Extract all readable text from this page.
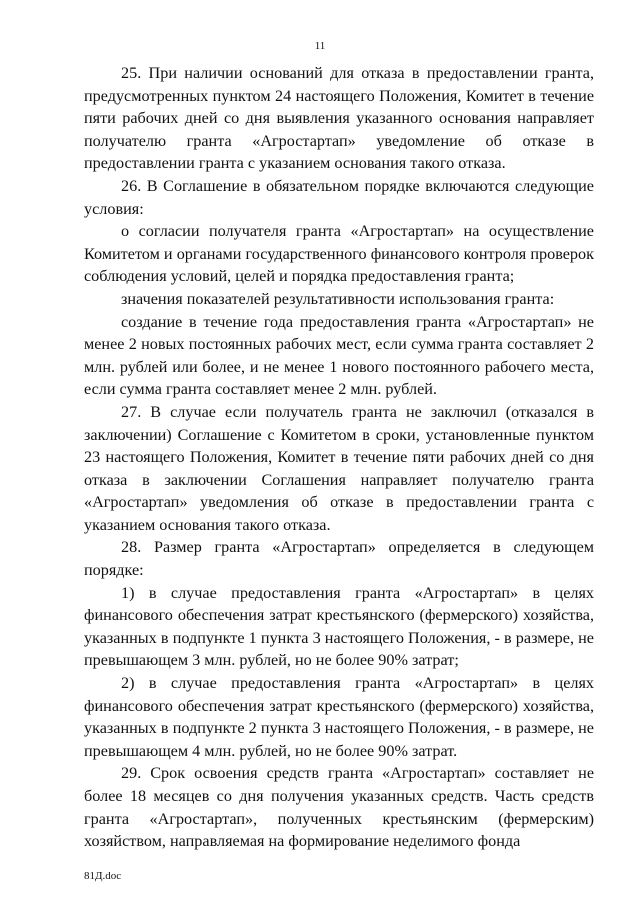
11

25. При наличии оснований для отказа в предоставлении гранта, предусмотренных пунктом 24 настоящего Положения, Комитет в течение пяти рабочих дней со дня выявления указанного основания направляет получателю гранта «Агростартап» уведомление об отказе в предоставлении гранта с указанием основания такого отказа.

26. В Соглашение в обязательном порядке включаются следующие условия:

о согласии получателя гранта «Агростартап» на осуществление Комитетом и органами государственного финансового контроля проверок соблюдения условий, целей и порядка предоставления гранта;

значения показателей результативности использования гранта:

создание в течение года предоставления гранта «Агростартап» не менее 2 новых постоянных рабочих мест, если сумма гранта составляет 2 млн. рублей или более, и не менее 1 нового постоянного рабочего места, если сумма гранта составляет менее 2 млн. рублей.

27. В случае если получатель гранта не заключил (отказался в заключении) Соглашение с Комитетом в сроки, установленные пунктом 23 настоящего Положения, Комитет в течение пяти рабочих дней со дня отказа в заключении Соглашения направляет получателю гранта «Агростартап» уведомления об отказе в предоставлении гранта с указанием основания такого отказа.

28. Размер гранта «Агростартап» определяется в следующем порядке:

1) в случае предоставления гранта «Агростартап» в целях финансового обеспечения затрат крестьянского (фермерского) хозяйства, указанных в подпункте 1 пункта 3 настоящего Положения, - в размере, не превышающем 3 млн. рублей, но не более 90% затрат;

2) в случае предоставления гранта «Агростартап» в целях финансового обеспечения затрат крестьянского (фермерского) хозяйства, указанных в подпункте 2 пункта 3 настоящего Положения, - в размере, не превышающем 4 млн. рублей, но не более 90% затрат.

29. Срок освоения средств гранта «Агростартап» составляет не более 18 месяцев со дня получения указанных средств. Часть средств гранта «Агростартап», полученных крестьянским (фермерским) хозяйством, направляемая на формирование неделимого фонда

81Д.doc
